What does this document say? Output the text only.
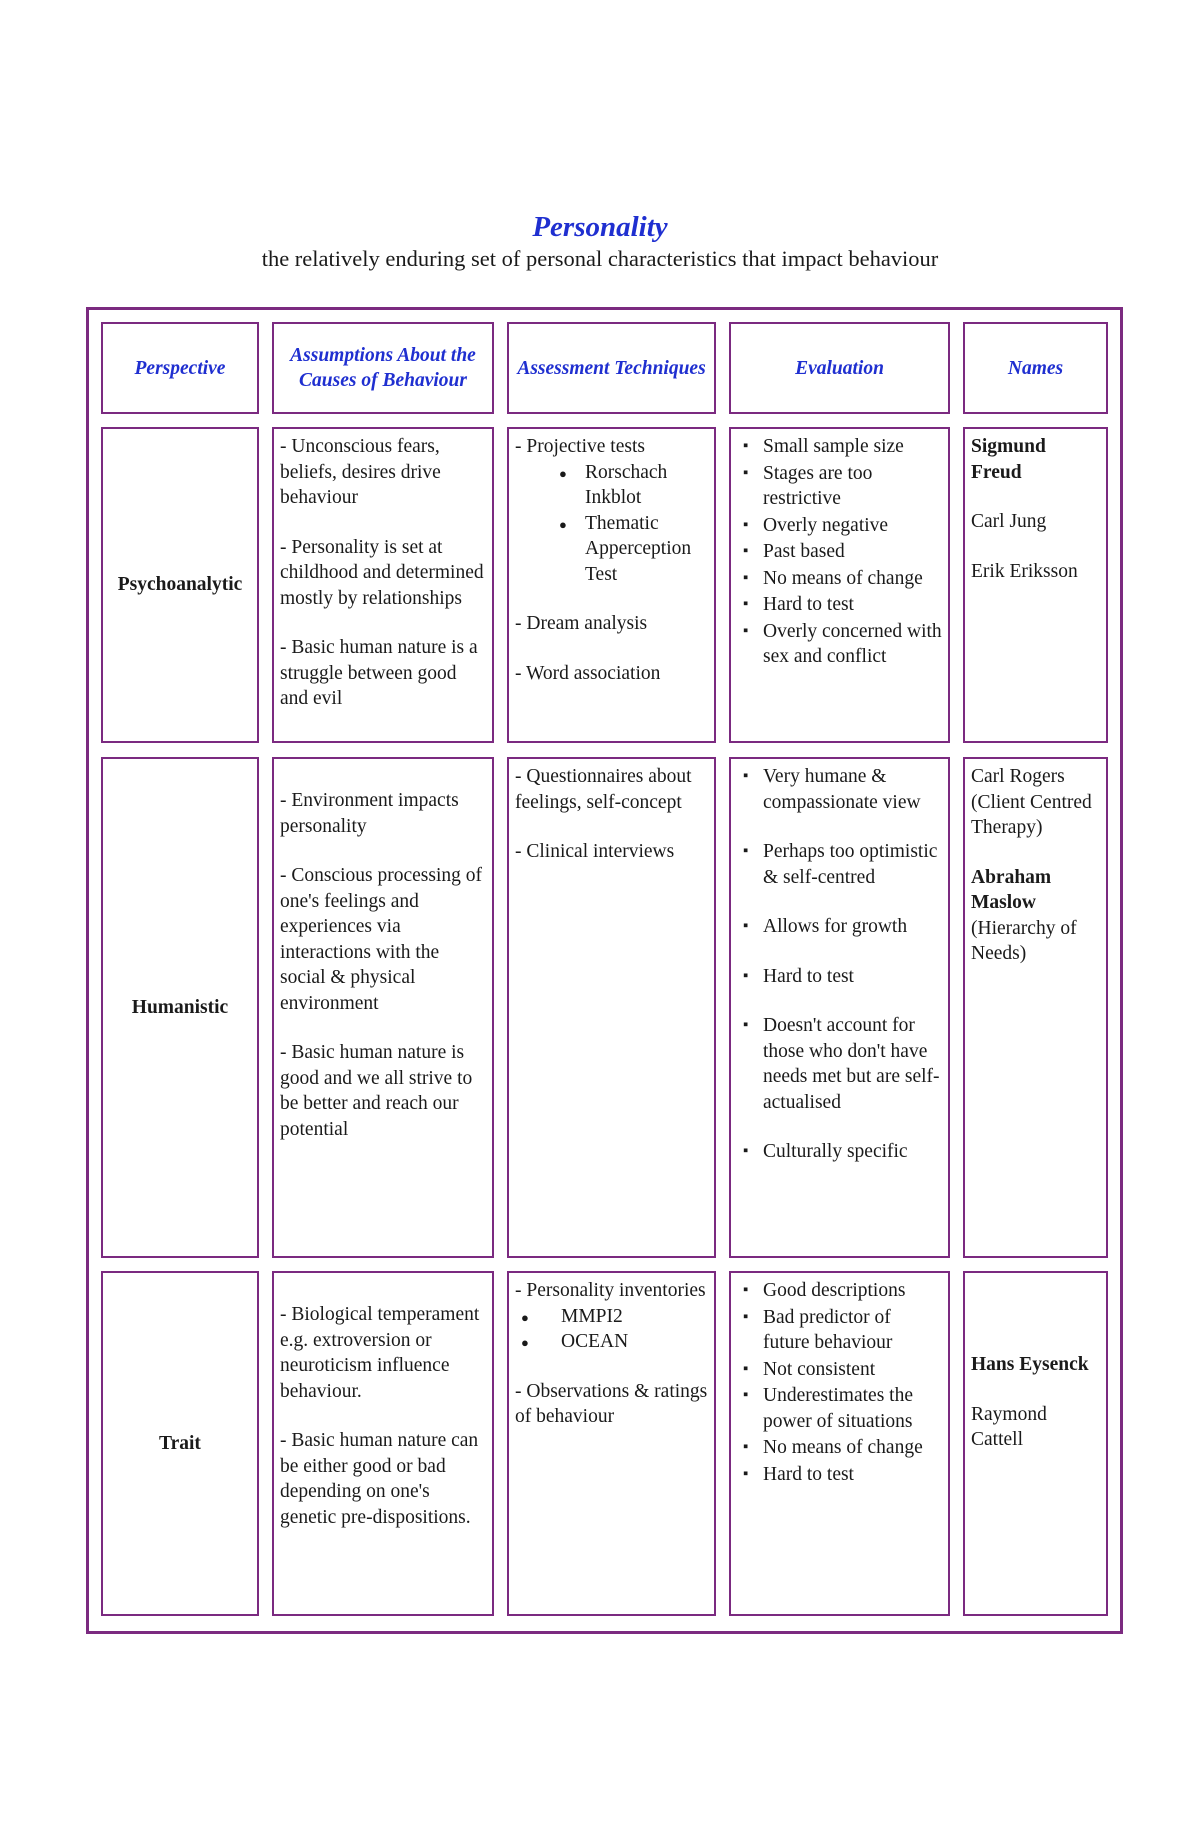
Personality
the relatively enduring set of personal characteristics that impact behaviour
Perspective
Assumptions About the Causes of Behaviour
Assessment Techniques	Evaluation	Names
Psychoanalytic

- Unconscious fears, beliefs, desires drive behaviour

- Personality is set at childhood and determined mostly by relationships

- Basic human nature is a struggle between good and evil

- Projective tests

● Rorschach Inkblot
● Thematic Apperception Test

- Dream analysis

- Word association

▪ Small sample size
▪ Stages are too restrictive
▪ Overly negative
▪ Past based
▪ No means of change
▪ Hard to test
▪ Overly concerned with sex and conflict

Sigmund Freud

Carl Jung

Erik Eriksson

Humanistic

- Environment impacts personality

- Conscious processing of one's feelings and experiences via interactions with the social & physical environment

- Basic human nature is good and we all strive to be better and reach our potential

- Questionnaires about feelings, self-concept

- Clinical interviews

▪ Very humane & compassionate view
▪ Perhaps too optimistic & self-centred
▪ Allows for growth
▪ Hard to test
▪ Doesn't account for those who don't have needs met but are self-actualised
▪ Culturally specific

Carl Rogers (Client Centred Therapy)

Abraham Maslow

(Hierarchy of Needs)

Trait

- Biological temperament e.g. extroversion or neuroticism influence behaviour.

- Basic human nature can be either good or bad depending on one's genetic pre-dispositions.

- Personality inventories

● MMPI2
● OCEAN

- Observations & ratings of behaviour

▪ Good descriptions
▪ Bad predictor of future behaviour
▪ Not consistent
▪ Underestimates the power of situations
▪ No means of change
▪ Hard to test

Hans Eysenck

Raymond Cattell
